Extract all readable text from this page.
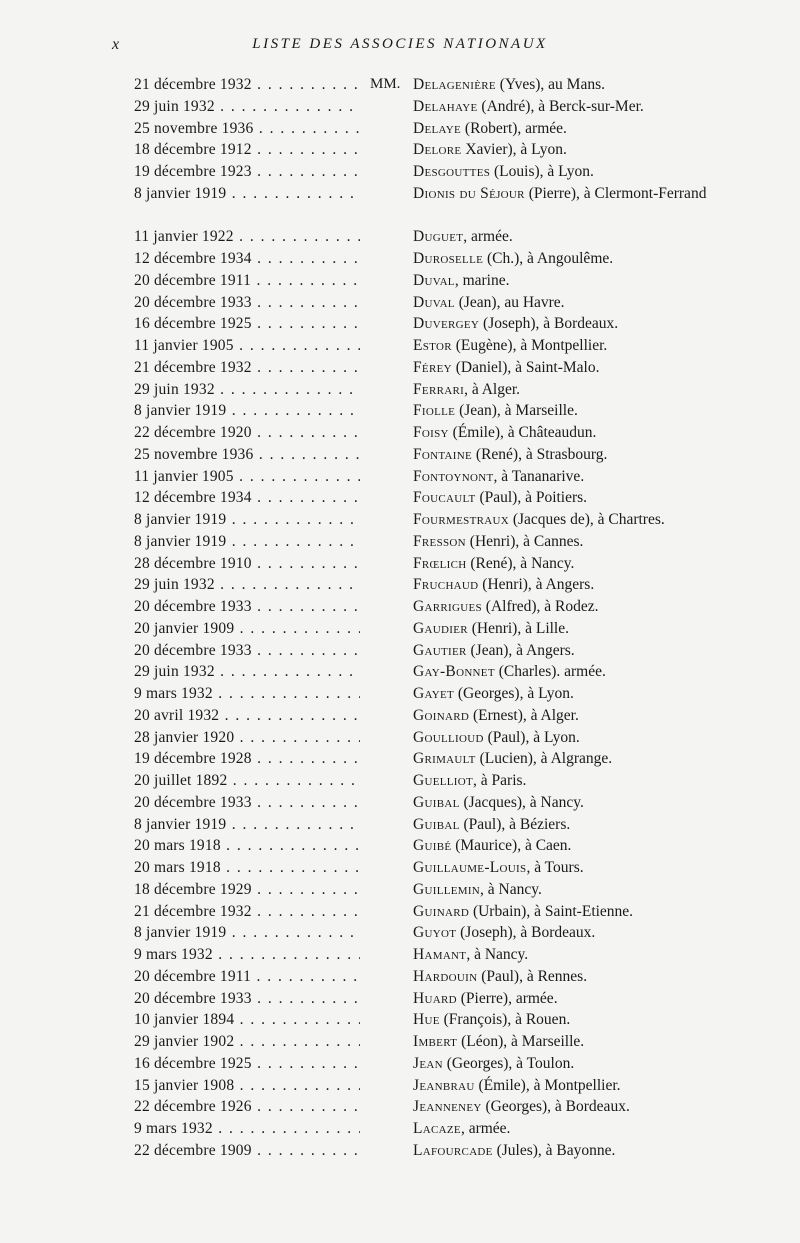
x	LISTE DES ASSOCIES NATIONAUX
21 décembre 1932 . . .	MM. Delagenière (Yves), au Mans.
29 juin 1932 . . .	Delahaye (André), à Berck-sur-Mer.
25 novembre 1936 . . .	Delaye (Robert), armée.
18 décembre 1912 . . .	Delore Xavier), à Lyon.
19 décembre 1923 . . .	Desgouttes (Louis), à Lyon.
8 janvier 1919 . . .	Dionis du Séjour (Pierre), à Clermont-Ferrand
11 janvier 1922 . . .	Duguet, armée.
12 décembre 1934 . . .	Duroselle (Ch.), à Angoulême.
20 décembre 1911 . . .	Duval, marine.
20 décembre 1933 . . .	Duval (Jean), au Havre.
16 décembre 1925 . . .	Duvergey (Joseph), à Bordeaux.
11 janvier 1905 . . .	Estor (Eugène), à Montpellier.
21 décembre 1932 . . .	Férey (Daniel), à Saint-Malo.
29 juin 1932 . . .	Ferrari, à Alger.
8 janvier 1919 . . .	Fiolle (Jean), à Marseille.
22 décembre 1920 . . .	Foisy (Émile), à Châteaudun.
25 novembre 1936 . . .	Fontaine (René), à Strasbourg.
11 janvier 1905 . . .	Fontoynont, à Tananarive.
12 décembre 1934 . . .	Foucault (Paul), à Poitiers.
8 janvier 1919 . . .	Fourmestraux (Jacques de), à Chartres.
8 janvier 1919 . . .	Fresson (Henri), à Cannes.
28 décembre 1910 . . .	Frœlich (René), à Nancy.
29 juin 1932 . . .	Fruchaud (Henri), à Angers.
20 décembre 1933 . . .	Garrigues (Alfred), à Rodez.
20 janvier 1909 . . .	Gaudier (Henri), à Lille.
20 décembre 1933 . . .	Gautier (Jean), à Angers.
29 juin 1932 . . .	Gay-Bonnet (Charles). armée.
9 mars 1932 . . .	Gayet (Georges), à Lyon.
20 avril 1932 . . .	Goinard (Ernest), à Alger.
28 janvier 1920 . . .	Goullioud (Paul), à Lyon.
19 décembre 1928 . . .	Grimault (Lucien), à Algrange.
20 juillet 1892 . . .	Guelliot, à Paris.
20 décembre 1933 . . .	Guibal (Jacques), à Nancy.
8 janvier 1919 . . .	Guibal (Paul), à Béziers.
20 mars 1918 . . .	Guibé (Maurice), à Caen.
20 mars 1918 . . .	Guillaume-Louis, à Tours.
18 décembre 1929 . . .	Guillemin, à Nancy.
21 décembre 1932 . . .	Guinard (Urbain), à Saint-Etienne.
8 janvier 1919 . . .	Guyot (Joseph), à Bordeaux.
9 mars 1932 . . .	Hamant, à Nancy.
20 décembre 1911 . . .	Hardouin (Paul), à Rennes.
20 décembre 1933 . . .	Huard (Pierre), armée.
10 janvier 1894 . . .	Hue (François), à Rouen.
29 janvier 1902 . . .	Imbert (Léon), à Marseille.
16 décembre 1925 . . .	Jean (Georges), à Toulon.
15 janvier 1908 . . .	Jeanbrau (Émile), à Montpellier.
22 décembre 1926 . . .	Jeanneney (Georges), à Bordeaux.
9 mars 1932 . . .	Lacaze, armée.
22 décembre 1909 . . .	Lafourcade (Jules), à Bayonne.
